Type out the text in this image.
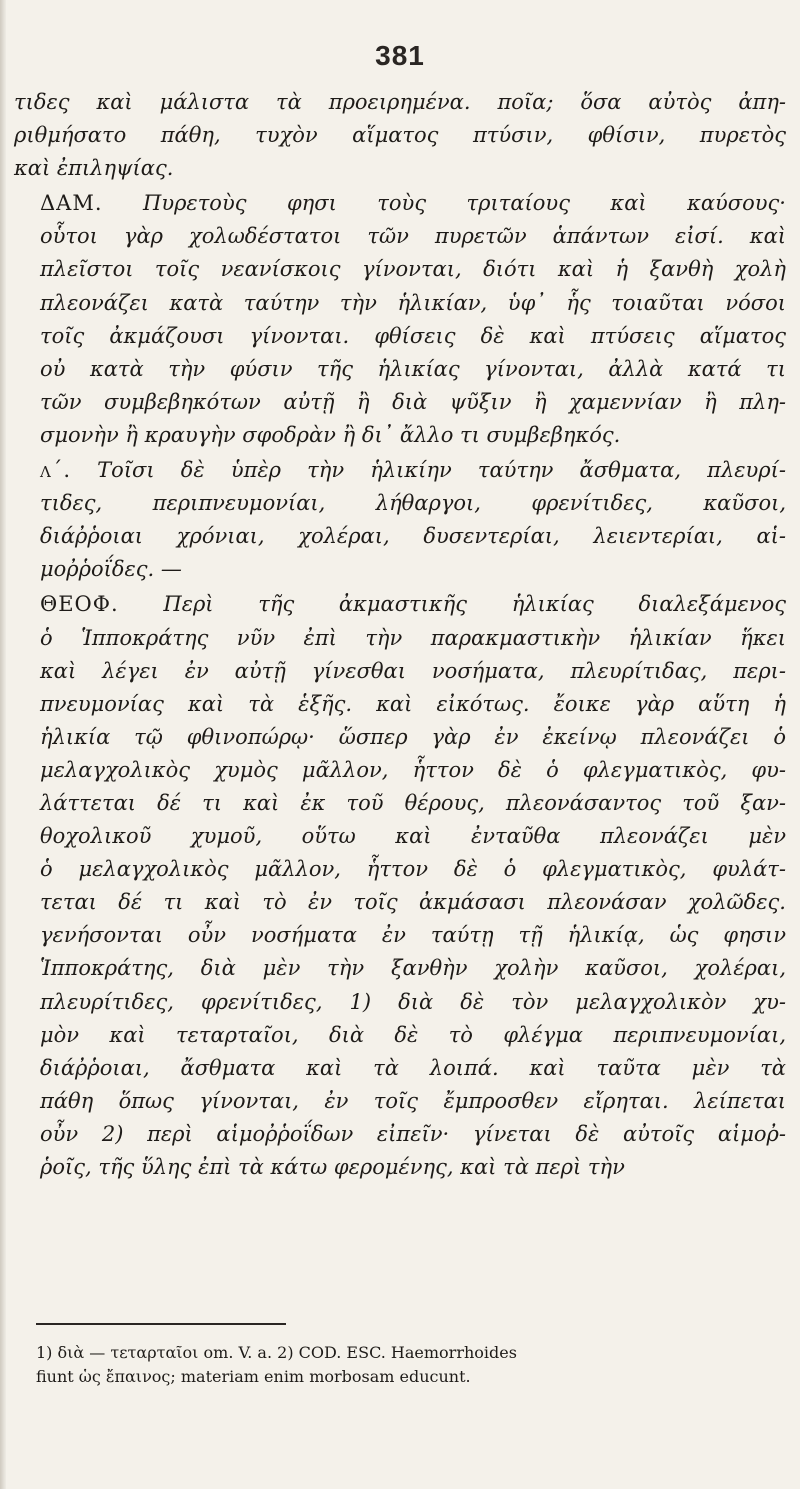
381
τιδες καὶ μάλιστα τὰ προειρημένα. ποῖα; ὅσα αὐτὸς ἀπη-
ριθμήσατο πάθη, τυχὸν αἵματος πτύσιν, φθίσιν, πυρετὸς
καὶ ἐπιληψίας.
ΔΑΜ. Πυρετοὺς φησι τοὺς τριταίους καὶ καύσους·
οὗτοι γὰρ χολωδέστατοι τῶν πυρετῶν ἁπάντων εἰσί. καὶ
πλεῖστοι τοῖς νεανίσκοις γίνονται, διότι καὶ ἡ ξανθὴ χολὴ
πλεονάζει κατὰ ταύτην τὴν ἡλικίαν, ὑφ᾽ ἧς τοιαῦται νόσοι
τοῖς ἀκμάζουσι γίνονται. φθίσεις δὲ καὶ πτύσεις αἵματος
οὐ κατὰ τὴν φύσιν τῆς ἡλικίας γίνονται, ἀλλὰ κατά τι
τῶν συμβεβηκότων αὐτῇ ἢ διὰ ψῦξιν ἢ χαμεννίαν ἢ πλη-
σμονὴν ἢ κραυγὴν σφοδρὰν ἢ δι᾽ ἄλλο τι συμβεβηκός.
λ΄. Τοῖσι δὲ ὑπὲρ τὴν ἡλικίην ταύτην ἄσθματα, πλευρί-
τιδες, περιπνευμονίαι, λήθαργοι, φρενίτιδες, καῦσοι,
διάῤῥοιαι χρόνιαι, χολέραι, δυσεντερίαι, λειεντερίαι, αἱ-
μοῤῥοΐδες. —
ΘΕΟΦ. Περὶ τῆς ἀκμαστικῆς ἡλικίας διαλεξάμενος
ὁ Ἱπποκράτης νῦν ἐπὶ τὴν παρακμαστικὴν ἡλικίαν ἥκει
καὶ λέγει ἐν αὐτῇ γίνεσθαι νοσήματα, πλευρίτιδας, περι-
πνευμονίας καὶ τὰ ἑξῆς. καὶ εἰκότως. ἔοικε γὰρ αὕτη ἡ
ἡλικία τῷ φθινοπώρῳ· ὥσπερ γὰρ ἐν ἐκείνῳ πλεονάζει ὁ
μελαγχολικὸς χυμὸς μᾶλλον, ἧττον δὲ ὁ φλεγματικὸς, φυ-
λάττεται δέ τι καὶ ἐκ τοῦ θέρους, πλεονάσαντος τοῦ ξαν-
θοχολικοῦ χυμοῦ, οὕτω καὶ ἐνταῦθα πλεονάζει μὲν
ὁ μελαγχολικὸς μᾶλλον, ἧττον δὲ ὁ φλεγματικὸς, φυλάτ-
τεται δέ τι καὶ τὸ ἐν τοῖς ἀκμάσασι πλεονάσαν χολῶδες.
γενήσονται οὖν νοσήματα ἐν ταύτῃ τῇ ἡλικίᾳ, ὡς φησιν
Ἱπποκράτης, διὰ μὲν τὴν ξανθὴν χολὴν καῦσοι, χολέραι,
πλευρίτιδες, φρενίτιδες, 1) διὰ δὲ τὸν μελαγχολικὸν χυ-
μὸν καὶ τεταρταῖοι, διὰ δὲ τὸ φλέγμα περιπνευμονίαι,
διάῤῥοιαι, ἄσθματα καὶ τὰ λοιπά. καὶ ταῦτα μὲν τὰ
πάθη ὅπως γίνονται, ἐν τοῖς ἔμπροσθεν εἴρηται. λείπεται
οὖν 2) περὶ αἱμοῤῥοΐδων εἰπεῖν· γίνεται δὲ αὐτοῖς αἱμοῤ-
ῥοῖς, τῆς ὕλης ἐπὶ τὰ κάτω φερομένης, καὶ τὰ περὶ τὴν
1) διὰ — τεταρταῖοι om. V. a. 2) COD. ESC. Haemorrhoides
fiunt ὡς ἔπαινος; materiam enim morbosam educunt.
